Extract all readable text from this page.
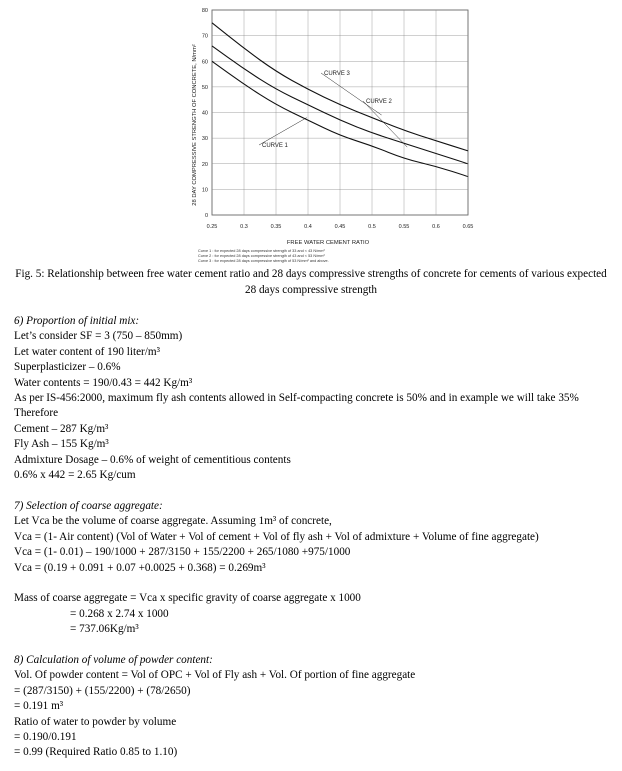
CURVE 3
CURVE 2
CURVE 1
0
10
20
30
40
50
60
70
80
0.25	0.3	0.35	0.4	0.45	0.5	0.55	0.6	0.65
28 DAY COMPRESSIVE STRENGTH OF CONCRETE, N/mm²
FREE WATER CEMENT RATIO
Curve 1 : for expected 28 days compressive strength of 33 and < 43 N/mm²
Curve 2 : for expected 28 days compressive strength of 43 and < 53 N/mm²
Curve 3 : for expected 28 days compressive strength of 53 N/mm² and above.
Fig. 5: Relationship between free water cement ratio and 28 days compressive strengths of concrete for cements of various expected 28 days compressive strength
6) Proportion of initial mix:
Let’s consider SF = 3 (750 – 850mm)
Let water content of 190 liter/m³
Superplasticizer – 0.6%
Water contents = 190/0.43 = 442 Kg/m³
As per IS-456:2000, maximum fly ash contents allowed in Self-compacting concrete is 50% and in example we will take 35%
Therefore
Cement – 287 Kg/m³
Fly Ash – 155 Kg/m³
Admixture Dosage – 0.6% of weight of cementitious contents
0.6% x 442 = 2.65 Kg/cum
7) Selection of coarse aggregate:
Let Vca be the volume of coarse aggregate. Assuming 1m³ of concrete,
Vca = (1- Air content) (Vol of Water + Vol of cement + Vol of fly ash + Vol of admixture + Volume of fine aggregate)
Vca = (1- 0.01) – 190/1000 + 287/3150 + 155/2200 + 265/1080 +975/1000
Vca = (0.19 + 0.091 + 0.07 +0.0025 + 0.368) = 0.269m³
Mass of coarse aggregate = Vca x specific gravity of coarse aggregate x 1000
= 0.268 x 2.74 x 1000
= 737.06Kg/m³
8) Calculation of volume of powder content:
Vol. Of powder content = Vol of OPC + Vol of Fly ash + Vol. Of portion of fine aggregate
= (287/3150) + (155/2200) + (78/2650)
= 0.191 m³
Ratio of water to powder by volume
= 0.190/0.191
= 0.99 (Required Ratio 0.85 to 1.10)
